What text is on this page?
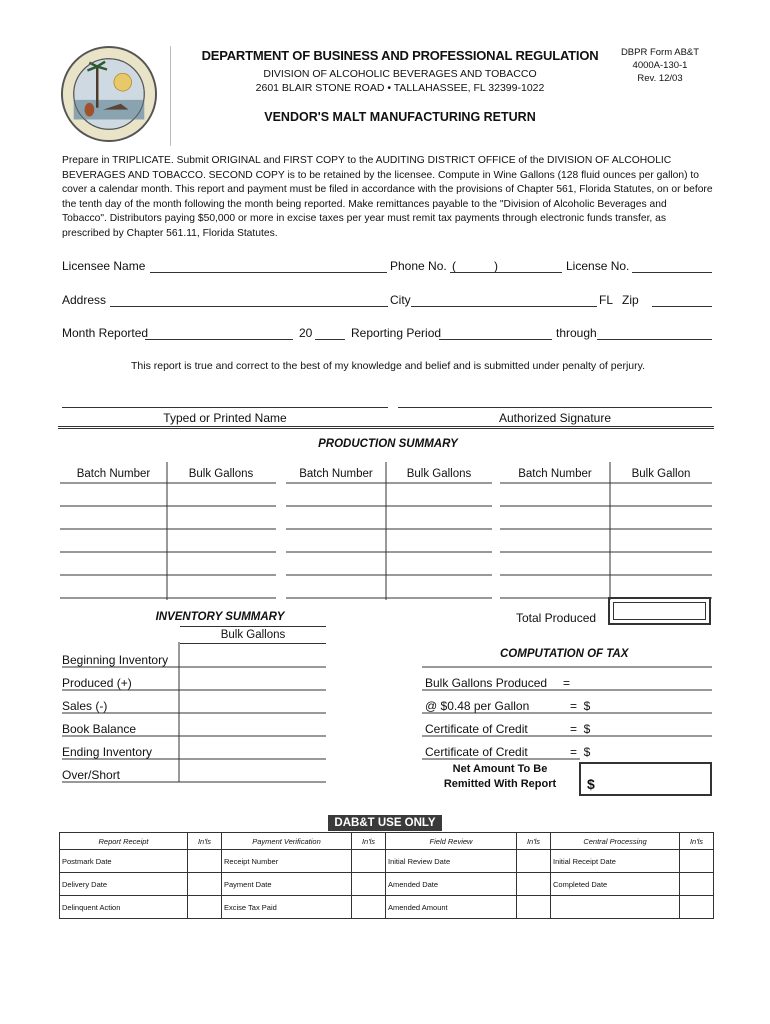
DEPARTMENT OF BUSINESS AND PROFESSIONAL REGULATION
DIVISION OF ALCOHOLIC BEVERAGES AND TOBACCO
2601 BLAIR STONE ROAD • TALLAHASSEE, FL 32399-1022
DBPR Form AB&T
4000A-130-1
Rev. 12/03
VENDOR'S MALT MANUFACTURING RETURN
Prepare in TRIPLICATE. Submit ORIGINAL and FIRST COPY to the AUDITING DISTRICT OFFICE of the DIVISION OF ALCOHOLIC BEVERAGES AND TOBACCO. SECOND COPY is to be retained by the licensee. Compute in Wine Gallons (128 fluid ounces per gallon) to cover a calendar month. This report and payment must be filed in accordance with the provisions of Chapter 561, Florida Statutes, on or before the tenth day of the month following the month being reported. Make remittances payable to the "Division of Alcoholic Beverages and Tobacco". Distributors paying $50,000 or more in excise taxes per year must remit tax payments through electronic funds transfer, as prescribed by Chapter 561.11, Florida Statutes.
Licensee Name	Phone No. (	)	License No.
Address	City	FL Zip
Month Reported	20	Reporting Period	through
This report is true and correct to the best of my knowledge and belief and is submitted under penalty of perjury.
Typed or Printed Name	Authorized Signature
PRODUCTION SUMMARY
Batch Number	Bulk Gallons	Batch Number	Bulk Gallons	Batch Number	Bulk Gallon
Total Produced
INVENTORY SUMMARY
Bulk Gallons
Beginning Inventory
Produced (+)
Sales (-)
Book Balance
Ending Inventory
Over/Short
COMPUTATION OF TAX
Bulk Gallons Produced =
@ $0.48 per Gallon	=  $
Certificate of Credit	=  $
Certificate of Credit	=  $
Net Amount To Be
Remitted With Report	$
DAB&T USE ONLY
Report Receipt	In'ls	Payment Verification	In'ls	Field Review	In'ls	Central Processing	In'ls
Postmark Date		Receipt Number		Initial Review Date		Initial Receipt Date	
Delivery Date		Payment Date		Amended Date		Completed Date	
Delinquent Action		Excise Tax Paid		Amended Amount			
